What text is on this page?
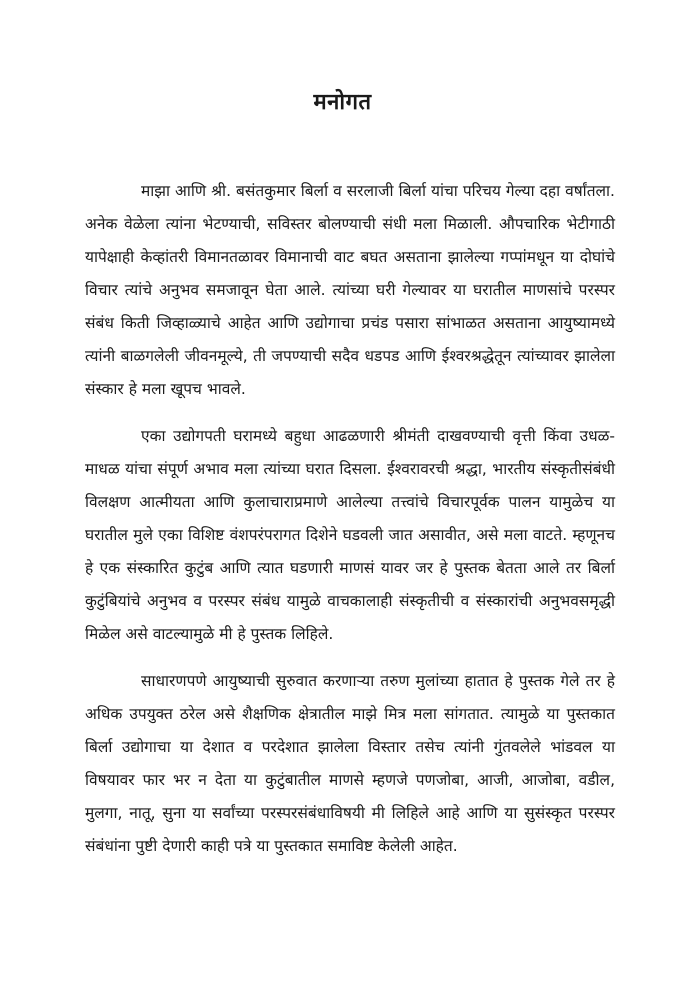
मनोगत

माझा आणि श्री. बसंतकुमार बिर्ला व सरलाजी बिर्ला यांचा परिचय गेल्या दहा वर्षांतला. अनेक वेळेला त्यांना भेटण्याची, सविस्तर बोलण्याची संधी मला मिळाली. औपचारिक भेटीगाठी यापेक्षाही केव्हांतरी विमानतळावर विमानाची वाट बघत असताना झालेल्या गप्पांमधून या दोघांचे विचार त्यांचे अनुभव समजावून घेता आले. त्यांच्या घरी गेल्यावर या घरातील माणसांचे परस्पर संबंध किती जिव्हाळ्याचे आहेत आणि उद्योगाचा प्रचंड पसारा सांभाळत असताना आयुष्यामध्ये त्यांनी बाळगलेली जीवनमूल्ये, ती जपण्याची सदैव धडपड आणि ईश्वरश्रद्धेतून त्यांच्यावर झालेला संस्कार हे मला खूपच भावले.

एका उद्योगपती घरामध्ये बहुधा आढळणारी श्रीमंती दाखवण्याची वृत्ती किंवा उधळ-माधळ यांचा संपूर्ण अभाव मला त्यांच्या घरात दिसला. ईश्वरावरची श्रद्धा, भारतीय संस्कृतीसंबंधी विलक्षण आत्मीयता आणि कुलाचाराप्रमाणे आलेल्या तत्त्वांचे विचारपूर्वक पालन यामुळेच या घरातील मुले एका विशिष्ट वंशपरंपरागत दिशेने घडवली जात असावीत, असे मला वाटते. म्हणूनच हे एक संस्कारित कुटुंब आणि त्यात घडणारी माणसं यावर जर हे पुस्तक बेतता आले तर बिर्ला कुटुंबियांचे अनुभव व परस्पर संबंध यामुळे वाचकालाही संस्कृतीची व संस्कारांची अनुभवसमृद्धी मिळेल असे वाटल्यामुळे मी हे पुस्तक लिहिले.

साधारणपणे आयुष्याची सुरुवात करणाऱ्या तरुण मुलांच्या हातात हे पुस्तक गेले तर हे अधिक उपयुक्त ठरेल असे शैक्षणिक क्षेत्रातील माझे मित्र मला सांगतात. त्यामुळे या पुस्तकात बिर्ला उद्योगाचा या देशात व परदेशात झालेला विस्तार तसेच त्यांनी गुंतवलेले भांडवल या विषयावर फार भर न देता या कुटुंबातील माणसे म्हणजे पणजोबा, आजी, आजोबा, वडील, मुलगा, नातू, सुना या सर्वांच्या परस्परसंबंधाविषयी मी लिहिले आहे आणि या सुसंस्कृत परस्पर संबंधांना पुष्टी देणारी काही पत्रे या पुस्तकात समाविष्ट केलेली आहेत.
